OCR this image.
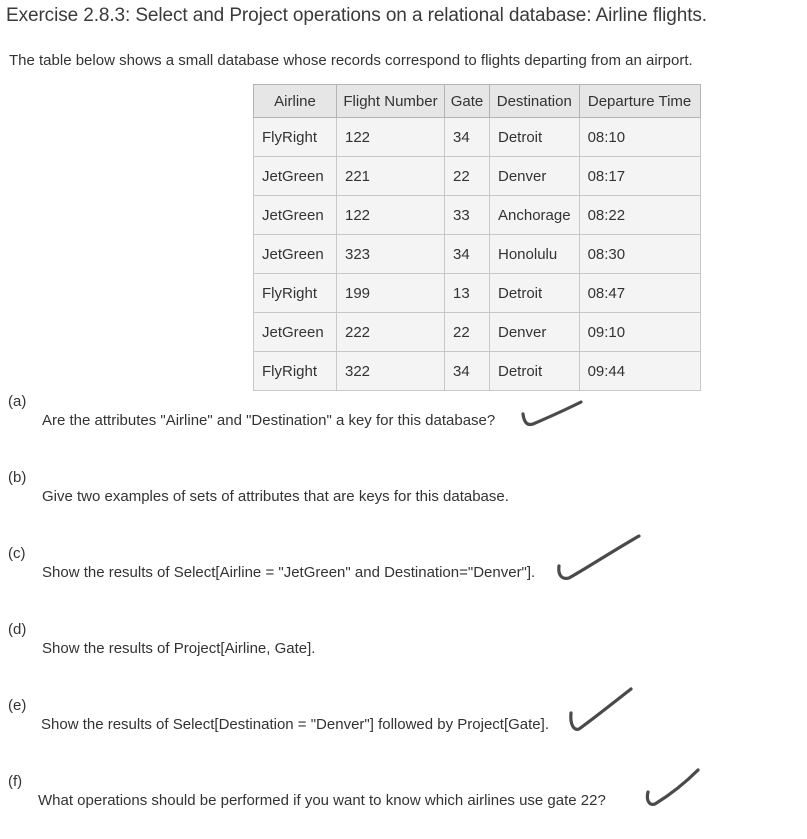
Exercise 2.8.3: Select and Project operations on a relational database: Airline flights.
The table below shows a small database whose records correspond to flights departing from an airport.
Airline	Flight Number	Gate	Destination	Departure Time
FlyRight	122	34	Detroit	08:10
JetGreen	221	22	Denver	08:17
JetGreen	122	33	Anchorage	08:22
JetGreen	323	34	Honolulu	08:30
FlyRight	199	13	Detroit	08:47
JetGreen	222	22	Denver	09:10
FlyRight	322	34	Detroit	09:44
(a)
Are the attributes "Airline" and "Destination" a key for this database?
(b)
Give two examples of sets of attributes that are keys for this database.
(c)
Show the results of Select[Airline = "JetGreen" and Destination="Denver"].
(d)
Show the results of Project[Airline, Gate].
(e)
Show the results of Select[Destination = "Denver"] followed by Project[Gate].
(f)
What operations should be performed if you want to know which airlines use gate 22?
